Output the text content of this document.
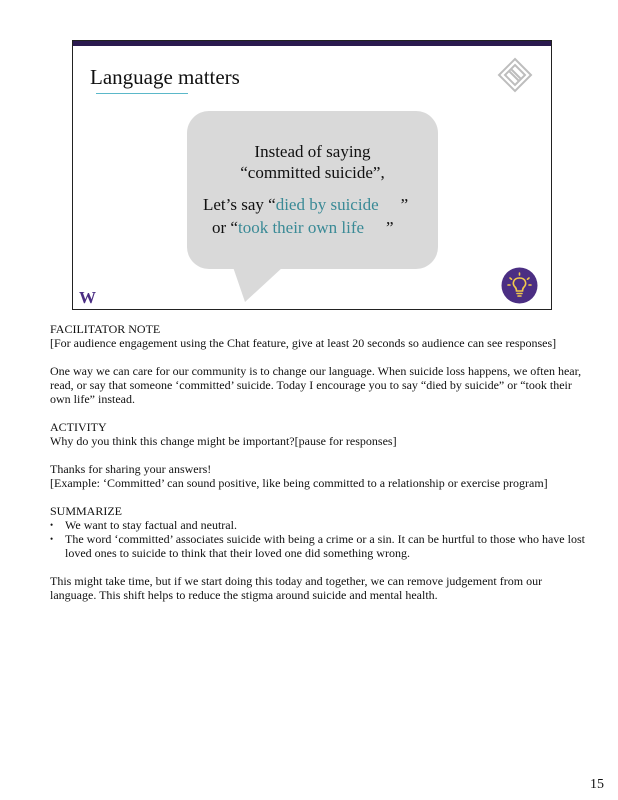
Language matters
Instead of saying
“committed suicide”,
Let’s say “died by suicide ”
or “took their own life ”
W

FACILITATOR NOTE

[For audience engagement using the Chat feature, give at least 20 seconds so audience can see responses]

One way we can care for our community is to change our language. When suicide loss happens, we often hear, read, or say that someone ‘committed’ suicide. Today I encourage you to say “died by suicide” or “took their own life” instead.

ACTIVITY

Why do you think this change might be important?[pause for responses]

Thanks for sharing your answers!

[Example: ‘Committed’ can sound positive, like being committed to a relationship or exercise program]

SUMMARIZE

• We want to stay factual and neutral.
• The word ‘committed’ associates suicide with being a crime or a sin. It can be hurtful to those who have lost loved ones to suicide to think that their loved one did something wrong.

This might take time, but if we start doing this today and together, we can remove judgement from our language. This shift helps to reduce the stigma around suicide and mental health.

15
